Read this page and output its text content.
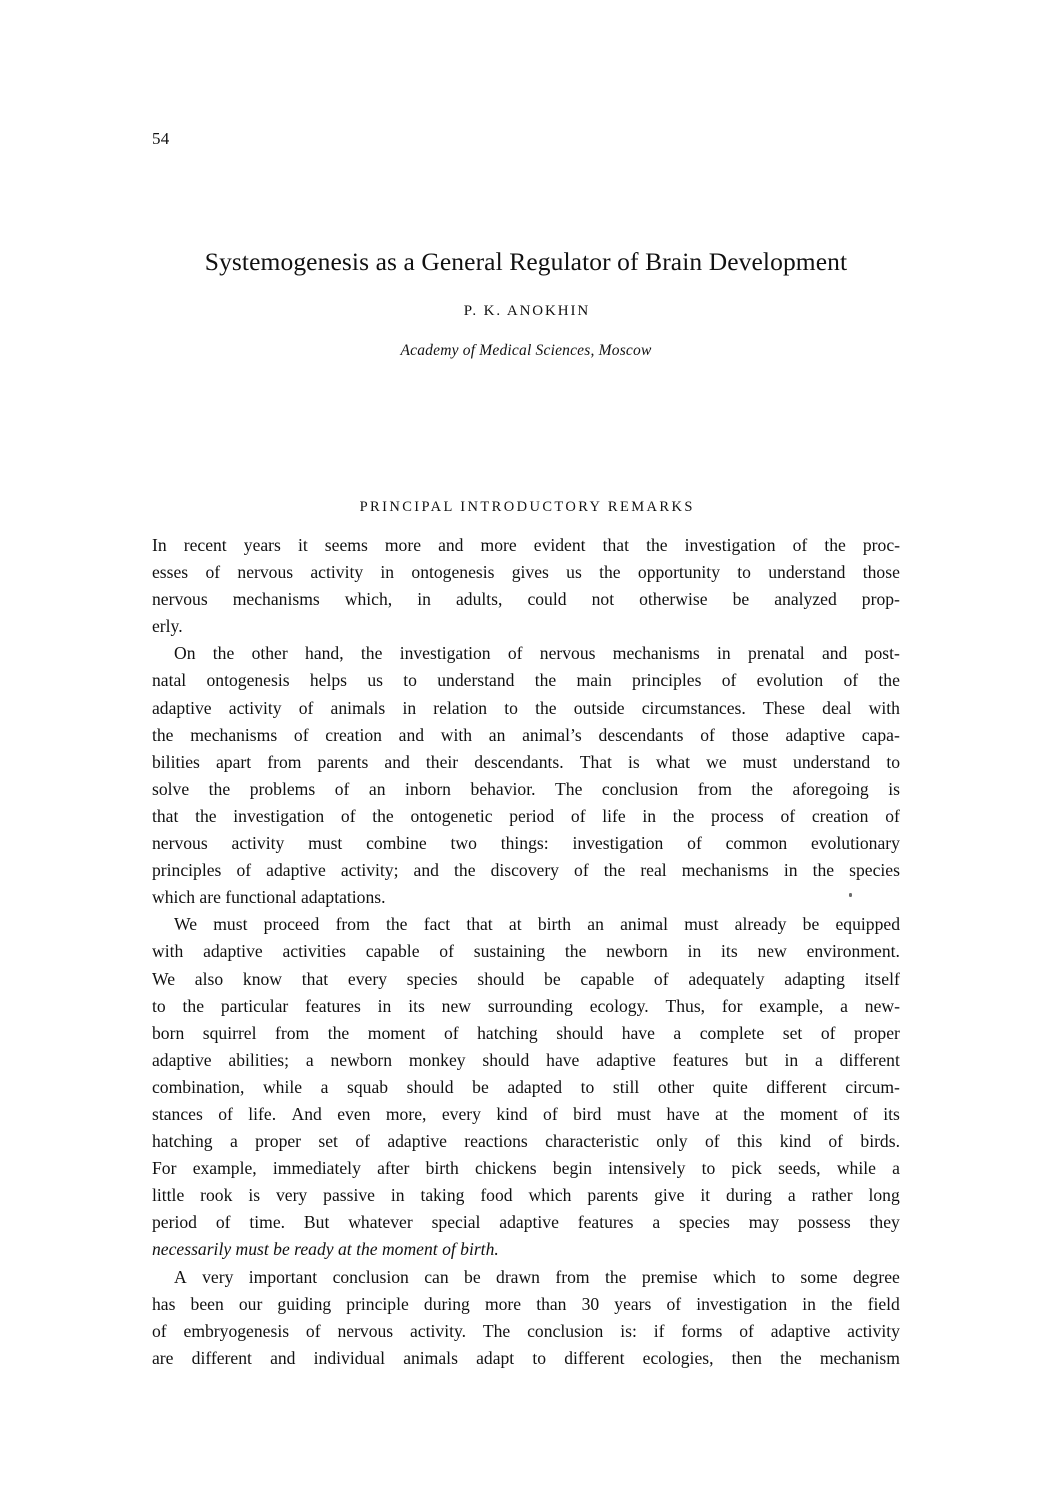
54
Systemogenesis as a General Regulator of Brain Development
P. K. ANOKHIN
Academy of Medical Sciences, Moscow
PRINCIPAL INTRODUCTORY REMARKS
In recent years it seems more and more evident that the investigation of the proc-
esses of nervous activity in ontogenesis gives us the opportunity to understand those
nervous mechanisms which, in adults, could not otherwise be analyzed prop-
erly.
On the other hand, the investigation of nervous mechanisms in prenatal and post-
natal ontogenesis helps us to understand the main principles of evolution of the
adaptive activity of animals in relation to the outside circumstances. These deal with
the mechanisms of creation and with an animal’s descendants of those adaptive capa-
bilities apart from parents and their descendants. That is what we must understand to
solve the problems of an inborn behavior. The conclusion from the aforegoing is
that the investigation of the ontogenetic period of life in the process of creation of
nervous activity must combine two things: investigation of common evolutionary
principles of adaptive activity; and the discovery of the real mechanisms in the species
which are functional adaptations.
We must proceed from the fact that at birth an animal must already be equipped
with adaptive activities capable of sustaining the newborn in its new environment.
We also know that every species should be capable of adequately adapting itself
to the particular features in its new surrounding ecology. Thus, for example, a new-
born squirrel from the moment of hatching should have a complete set of proper
adaptive abilities; a newborn monkey should have adaptive features but in a different
combination, while a squab should be adapted to still other quite different circum-
stances of life. And even more, every kind of bird must have at the moment of its
hatching a proper set of adaptive reactions characteristic only of this kind of birds.
For example, immediately after birth chickens begin intensively to pick seeds, while a
little rook is very passive in taking food which parents give it during a rather long
period of time. But whatever special adaptive features a species may possess they
necessarily must be ready at the moment of birth.
A very important conclusion can be drawn from the premise which to some degree
has been our guiding principle during more than 30 years of investigation in the field
of embryogenesis of nervous activity. The conclusion is: if forms of adaptive activity
are different and individual animals adapt to different ecologies, then the mechanism
